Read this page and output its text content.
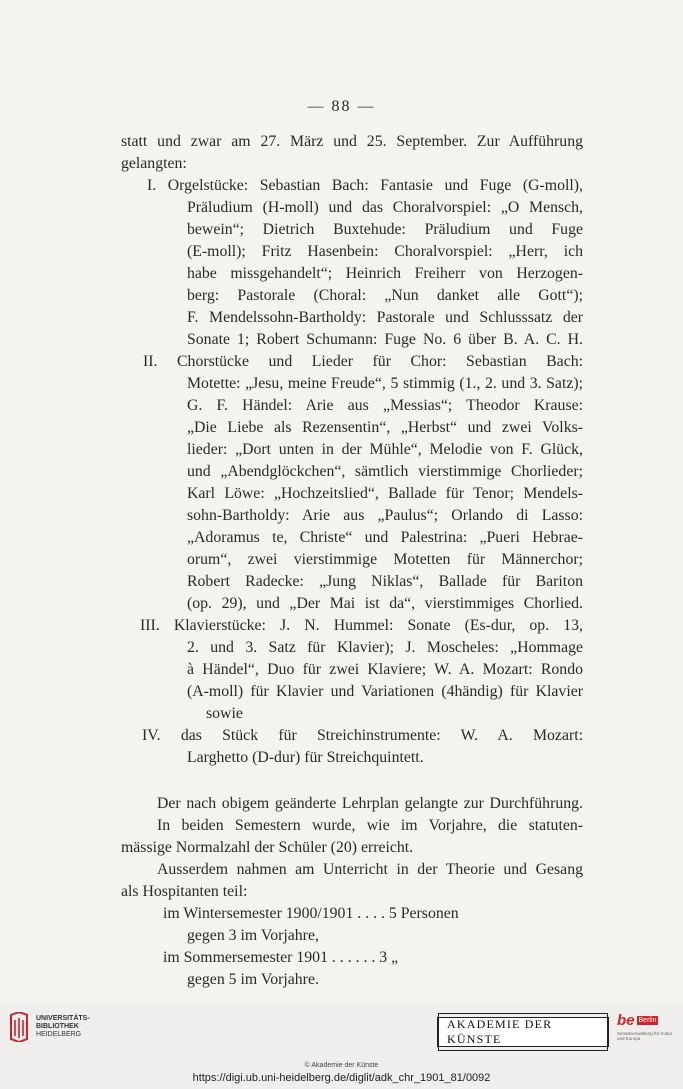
— 88 —
statt und zwar am 27. März und 25. September. Zur Aufführung
gelangten:
I. Orgelstücke: Sebastian Bach: Fantasie und Fuge (G-moll),
Präludium (H-moll) und das Choralvorspiel: „O Mensch,
bewein“; Dietrich Buxtehude: Präludium und Fuge
(E-moll); Fritz Hasenbein: Choralvorspiel: „Herr, ich
habe missgehandelt“; Heinrich Freiherr von Herzogen-
berg: Pastorale (Choral: „Nun danket alle Gott“);
F. Mendelssohn-Bartholdy: Pastorale und Schlusssatz der
Sonate 1; Robert Schumann: Fuge No. 6 über B. A. C. H.
II. Chorstücke und Lieder für Chor: Sebastian Bach:
Motette: „Jesu, meine Freude“, 5 stimmig (1., 2. und 3. Satz);
G. F. Händel: Arie aus „Messias“; Theodor Krause:
„Die Liebe als Rezensentin“, „Herbst“ und zwei Volks-
lieder: „Dort unten in der Mühle“, Melodie von F. Glück,
und „Abendglöckchen“, sämtlich vierstimmige Chorlieder;
Karl Löwe: „Hochzeitslied“, Ballade für Tenor; Mendels-
sohn-Bartholdy: Arie aus „Paulus“; Orlando di Lasso:
„Adoramus te, Christe“ und Palestrina: „Pueri Hebrae-
orum“, zwei vierstimmige Motetten für Männerchor;
Robert Radecke: „Jung Niklas“, Ballade für Bariton
(op. 29), und „Der Mai ist da“, vierstimmiges Chorlied.
III. Klavierstücke: J. N. Hummel: Sonate (Es-dur, op. 13,
2. und 3. Satz für Klavier); J. Moscheles: „Hommage
à Händel“, Duo für zwei Klaviere; W. A. Mozart: Rondo
(A-moll) für Klavier und Variationen (4händig) für Klavier
sowie
IV. das Stück für Streichinstrumente: W. A. Mozart:
Larghetto (D-dur) für Streichquintett.
Der nach obigem geänderte Lehrplan gelangte zur Durchführung.
In beiden Semestern wurde, wie im Vorjahre, die statuten-
mässige Normalzahl der Schüler (20) erreicht.
Ausserdem nahmen am Unterricht in der Theorie und Gesang
als Hospitanten teil:
im Wintersemester 1900/1901 . . . . 5 Personen
gegen 3 im Vorjahre,
im Sommersemester 1901 . . . . . . 3 „
gegen 5 im Vorjahre.
UNIVERSITÄTS-
BIBLIOTHEK
HEIDELBERG
AKADEMIE DER KÜNSTE
be Berlin
Senatsverwaltung für Kultur und Europa
© Akademie der Künste
https://digi.ub.uni-heidelberg.de/diglit/adk_chr_1901_81/0092
